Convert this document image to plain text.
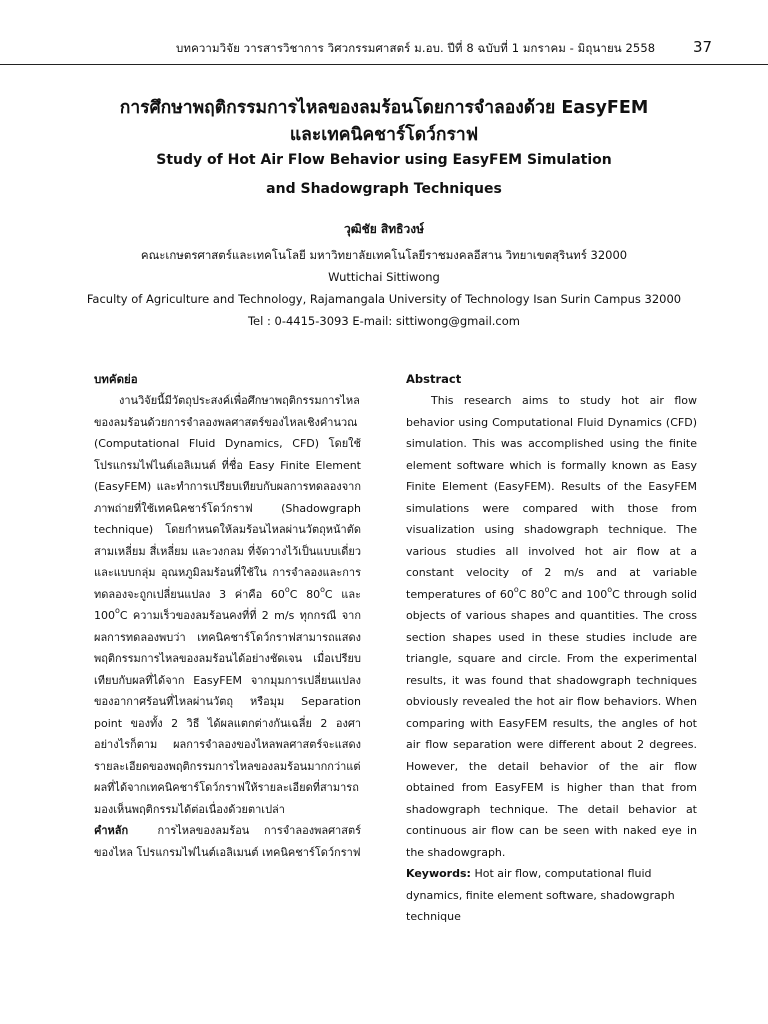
บทความวิจัย วารสารวิชาการ วิศวกรรมศาสตร์ ม.อบ. ปีที่ 8 ฉบับที่ 1 มกราคม - มิถุนายน 2558	37
การศึกษาพฤติกรรมการไหลของลมร้อนโดยการจำลองด้วย EasyFEM
และเทคนิคชาร์โดว์กราฟ
Study of Hot Air Flow Behavior using EasyFEM Simulation
and Shadowgraph Techniques
วุฒิชัย สิทธิวงษ์
คณะเกษตรศาสตร์และเทคโนโลยี มหาวิทยาลัยเทคโนโลยีราชมงคลอีสาน วิทยาเขตสุรินทร์ 32000
Wuttichai Sittiwong
Faculty of Agriculture and Technology, Rajamangala University of Technology Isan Surin Campus 32000
Tel : 0-4415-3093 E-mail: sittiwong@gmail.com
บทคัดย่อ

งานวิจัยนี้มีวัตถุประสงค์เพื่อศึกษาพฤติกรรมการไหลของลมร้อนด้วยการจำลองพลศาสตร์ของไหลเชิงคำนวณ (Computational Fluid Dynamics, CFD) โดยใช้โปรแกรมไฟไนต์เอลิเมนต์ ที่ชื่อ Easy Finite Element (EasyFEM) และทำการเปรียบเทียบกับผลการทดลองจากภาพถ่ายที่ใช้เทคนิคชาร์โดว์กราฟ (Shadowgraph technique) โดยกำหนดให้ลมร้อนไหลผ่านวัตถุหน้าตัดสามเหลี่ยม สี่เหลี่ยม และวงกลม ที่จัดวางไว้เป็นแบบเดี่ยวและแบบกลุ่ม อุณหภูมิลมร้อนที่ใช้ใน การจำลองและการทดลองจะถูกเปลี่ยนแปลง 3 ค่าคือ 60$^o$C 80$^o$C และ 100$^o$C ความเร็วของลมร้อนคงที่ที่ 2 m/s ทุกกรณี จากผลการทดลองพบว่า เทคนิคชาร์โดว์กราฟสามารถแสดงพฤติกรรมการไหลของลมร้อนได้อย่างชัดเจน เมื่อเปรียบเทียบกับผลที่ได้จาก EasyFEM จากมุมการเปลี่ยนแปลงของอากาศร้อนที่ไหลผ่านวัตถุ หรือมุม Separation point ของทั้ง 2 วิธี ได้ผลแตกต่างกันเฉลี่ย 2 องศา อย่างไรก็ตาม ผลการจำลองของไหลพลศาสตร์จะแสดงรายละเอียดของพฤติกรรมการไหลของลมร้อนมากกว่าแต่ผลที่ได้จากเทคนิคชาร์โดว์กราฟให้รายละเอียดที่สามารถมองเห็นพฤติกรรมได้ต่อเนื่องด้วยตาเปล่า

คำหลัก	การไหลของลมร้อน การจำลองพลศาสตร์ของไหล โปรแกรมไฟไนต์เอลิเมนต์ เทคนิคชาร์โดว์กราฟ

Abstract

This research aims to study hot air flow behavior using Computational Fluid Dynamics (CFD) simulation. This was accomplished using the finite element software which is formally known as Easy Finite Element (EasyFEM). Results of the EasyFEM simulations were compared with those from visualization using shadowgraph technique. The various studies all involved hot air flow at a constant velocity of 2 m/s and at variable temperatures of 60$^o$C 80$^o$C and 100$^o$C through solid objects of various shapes and quantities. The cross section shapes used in these studies include are triangle, square and circle. From the experimental results, it was found that shadowgraph techniques obviously revealed the hot air flow behaviors. When comparing with EasyFEM results, the angles of hot air flow separation were different about 2 degrees. However, the detail behavior of the air flow obtained from EasyFEM is higher than that from shadowgraph technique. The detail behavior at continuous air flow can be seen with naked eye in the shadowgraph.

Keywords: Hot air flow, computational fluid dynamics, finite element software, shadowgraph technique
